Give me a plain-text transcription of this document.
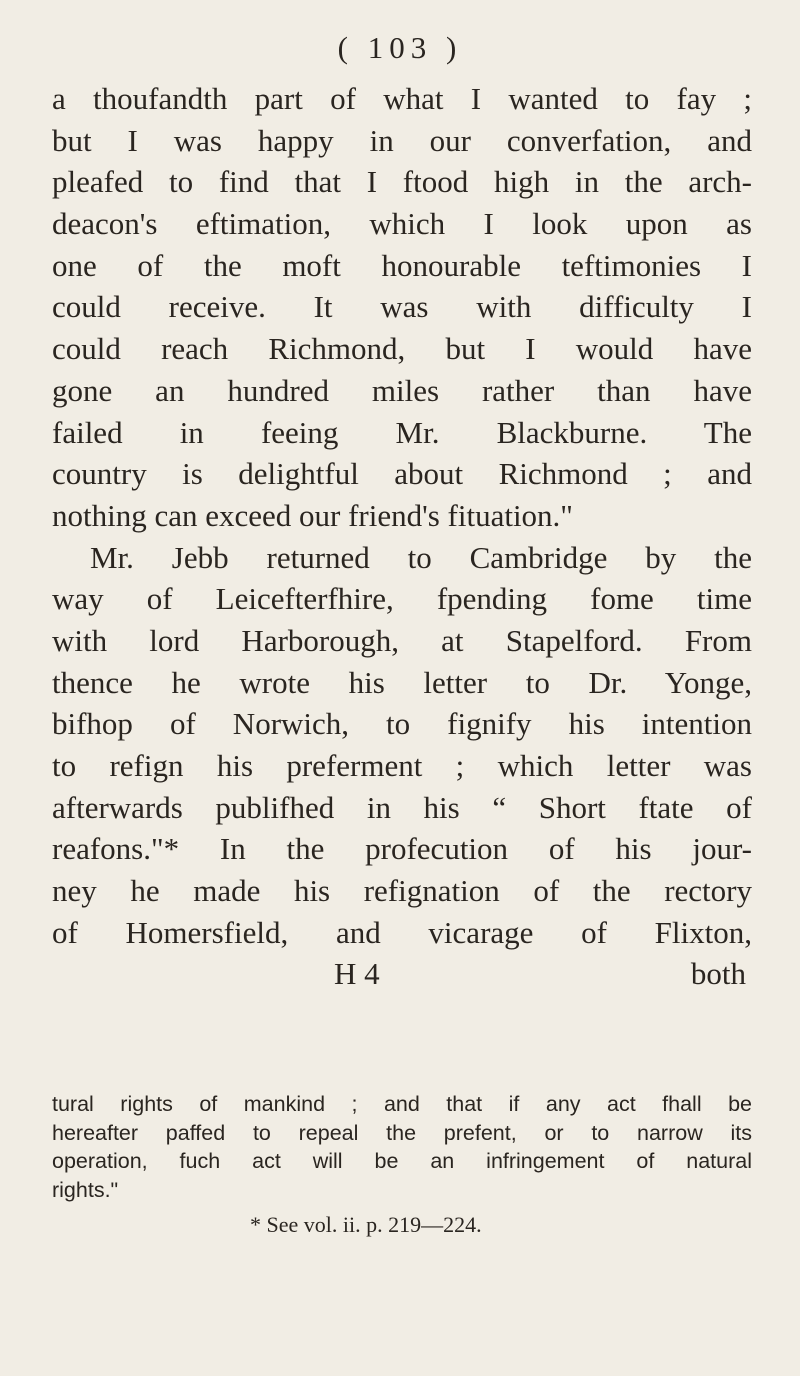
( 103 )
a thoufandth part of what I wanted to fay ;
but I was happy in our converfation, and
pleafed to find that I ftood high in the arch-
deacon's eftimation, which I look upon as
one of the moft honourable teftimonies I
could receive. It was with difficulty I
could reach Richmond, but I would have
gone an hundred miles rather than have
failed in feeing Mr. Blackburne. The
country is delightful about Richmond ; and
nothing can exceed our friend's fituation."
Mr. Jebb returned to Cambridge by the
way of Leicefterfhire, fpending fome time
with lord Harborough, at Stapelford. From
thence he wrote his letter to Dr. Yonge,
bifhop of Norwich, to fignify his intention
to refign his preferment ; which letter was
afterwards publifhed in his “ Short ftate of
reafons."* In the profecution of his jour-
ney he made his refignation of the rectory
of Homersfield, and vicarage of Flixton,
H 4	both
tural rights of mankind ; and that if any act fhall be
hereafter paffed to repeal the prefent, or to narrow its
operation, fuch act will be an infringement of natural
rights."
* See vol. ii. p. 219—224.
